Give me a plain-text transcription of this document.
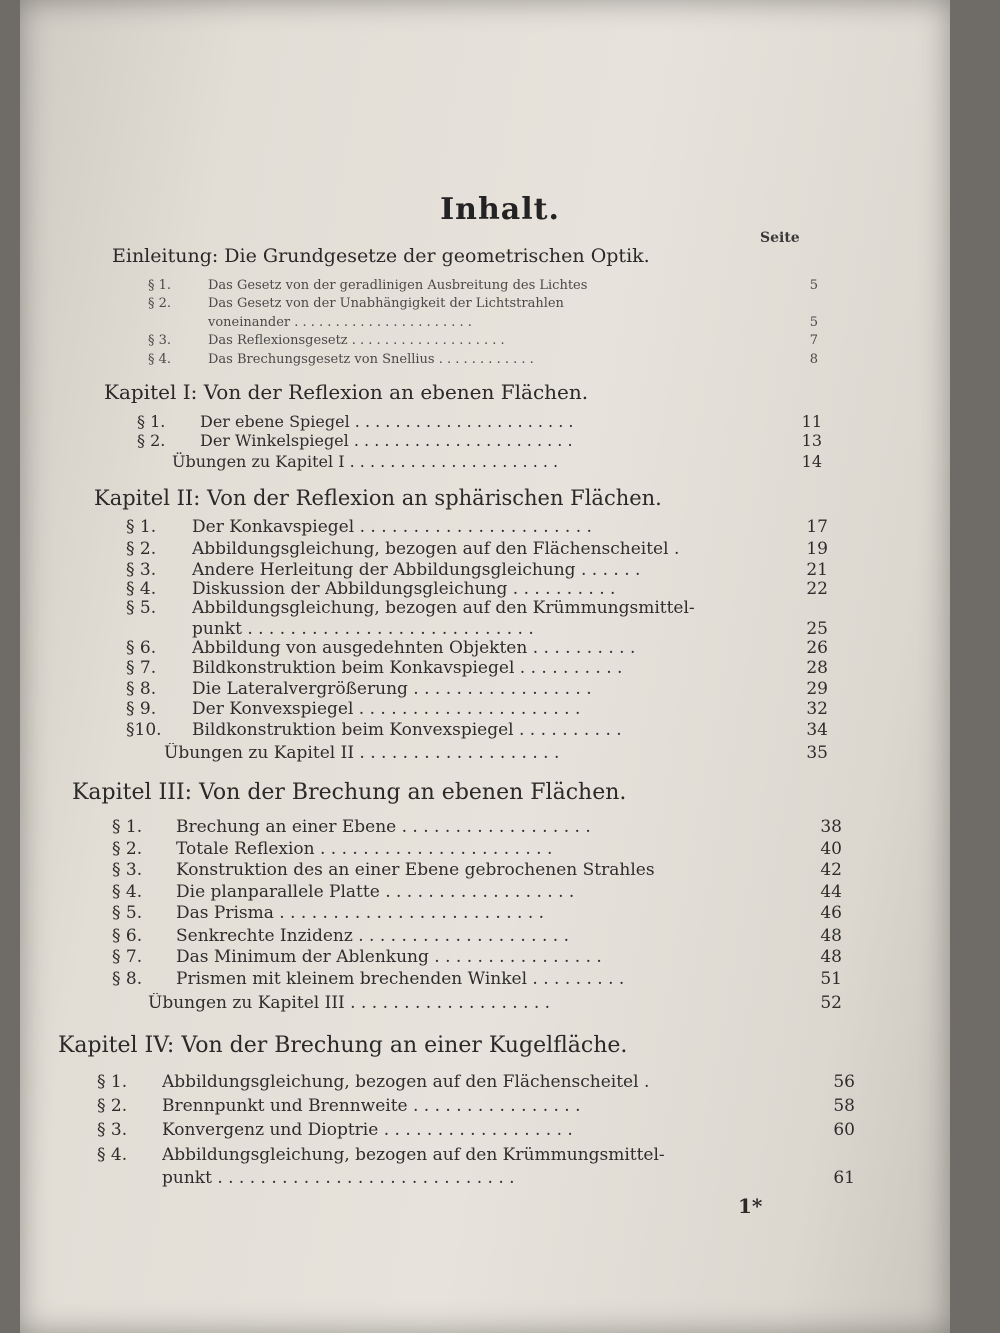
Inhalt.
Seite
Einleitung: Die Grundgesetze der geometrischen Optik.
§ 1.	Das Gesetz von der geradlinigen Ausbreitung des Lichtes	5
§ 2.	Das Gesetz von der Unabhängigkeit der Lichtstrahlen
voneinander . . . . . . . . . . . . . . . . . . . . . .	5
§ 3.	Das Reflexionsgesetz . . . . . . . . . . . . . . . . . . .	7
§ 4.	Das Brechungsgesetz von Snellius . . . . . . . . . . . .	8
Kapitel I: Von der Reflexion an ebenen Flächen.
§ 1. Der ebene Spiegel . . . . . . . . . . . . . . . . . . . . . .	11
§ 2. Der Winkelspiegel . . . . . . . . . . . . . . . . . . . . . .	13
Übungen zu Kapitel I . . . . . . . . . . . . . . . . . . . . .	14
Kapitel II: Von der Reflexion an sphärischen Flächen.
§ 1. Der Konkavspiegel . . . . . . . . . . . . . . . . . . . . . .	17
§ 2. Abbildungsgleichung, bezogen auf den Flächenscheitel .	19
§ 3. Andere Herleitung der Abbildungsgleichung . . . . . .	21
§ 4. Diskussion der Abbildungsgleichung . . . . . . . . . .	22
§ 5. Abbildungsgleichung, bezogen auf den Krümmungsmittel-
punkt . . . . . . . . . . . . . . . . . . . . . . . . . . .	25
§ 6. Abbildung von ausgedehnten Objekten . . . . . . . . . .	26
§ 7. Bildkonstruktion beim Konkavspiegel . . . . . . . . . .	28
§ 8. Die Lateralvergrößerung . . . . . . . . . . . . . . . . .	29
§ 9. Der Konvexspiegel . . . . . . . . . . . . . . . . . . . . .	32
§10. Bildkonstruktion beim Konvexspiegel . . . . . . . . . .	34
Übungen zu Kapitel II . . . . . . . . . . . . . . . . . . .	35
Kapitel III: Von der Brechung an ebenen Flächen.
§ 1. Brechung an einer Ebene . . . . . . . . . . . . . . . . . .	38
§ 2. Totale Reflexion . . . . . . . . . . . . . . . . . . . . . .	40
§ 3. Konstruktion des an einer Ebene gebrochenen Strahles	42
§ 4. Die planparallele Platte . . . . . . . . . . . . . . . . . .	44
§ 5. Das Prisma . . . . . . . . . . . . . . . . . . . . . . . . .	46
§ 6. Senkrechte Inzidenz . . . . . . . . . . . . . . . . . . . .	48
§ 7. Das Minimum der Ablenkung . . . . . . . . . . . . . . . .	48
§ 8. Prismen mit kleinem brechenden Winkel . . . . . . . . .	51
Übungen zu Kapitel III . . . . . . . . . . . . . . . . . . .	52
Kapitel IV: Von der Brechung an einer Kugelfläche.
§ 1. Abbildungsgleichung, bezogen auf den Flächenscheitel .	56
§ 2. Brennpunkt und Brennweite . . . . . . . . . . . . . . . .	58
§ 3. Konvergenz und Dioptrie . . . . . . . . . . . . . . . . . .	60
§ 4. Abbildungsgleichung, bezogen auf den Krümmungsmittel-
punkt . . . . . . . . . . . . . . . . . . . . . . . . . . . .	61
1*
